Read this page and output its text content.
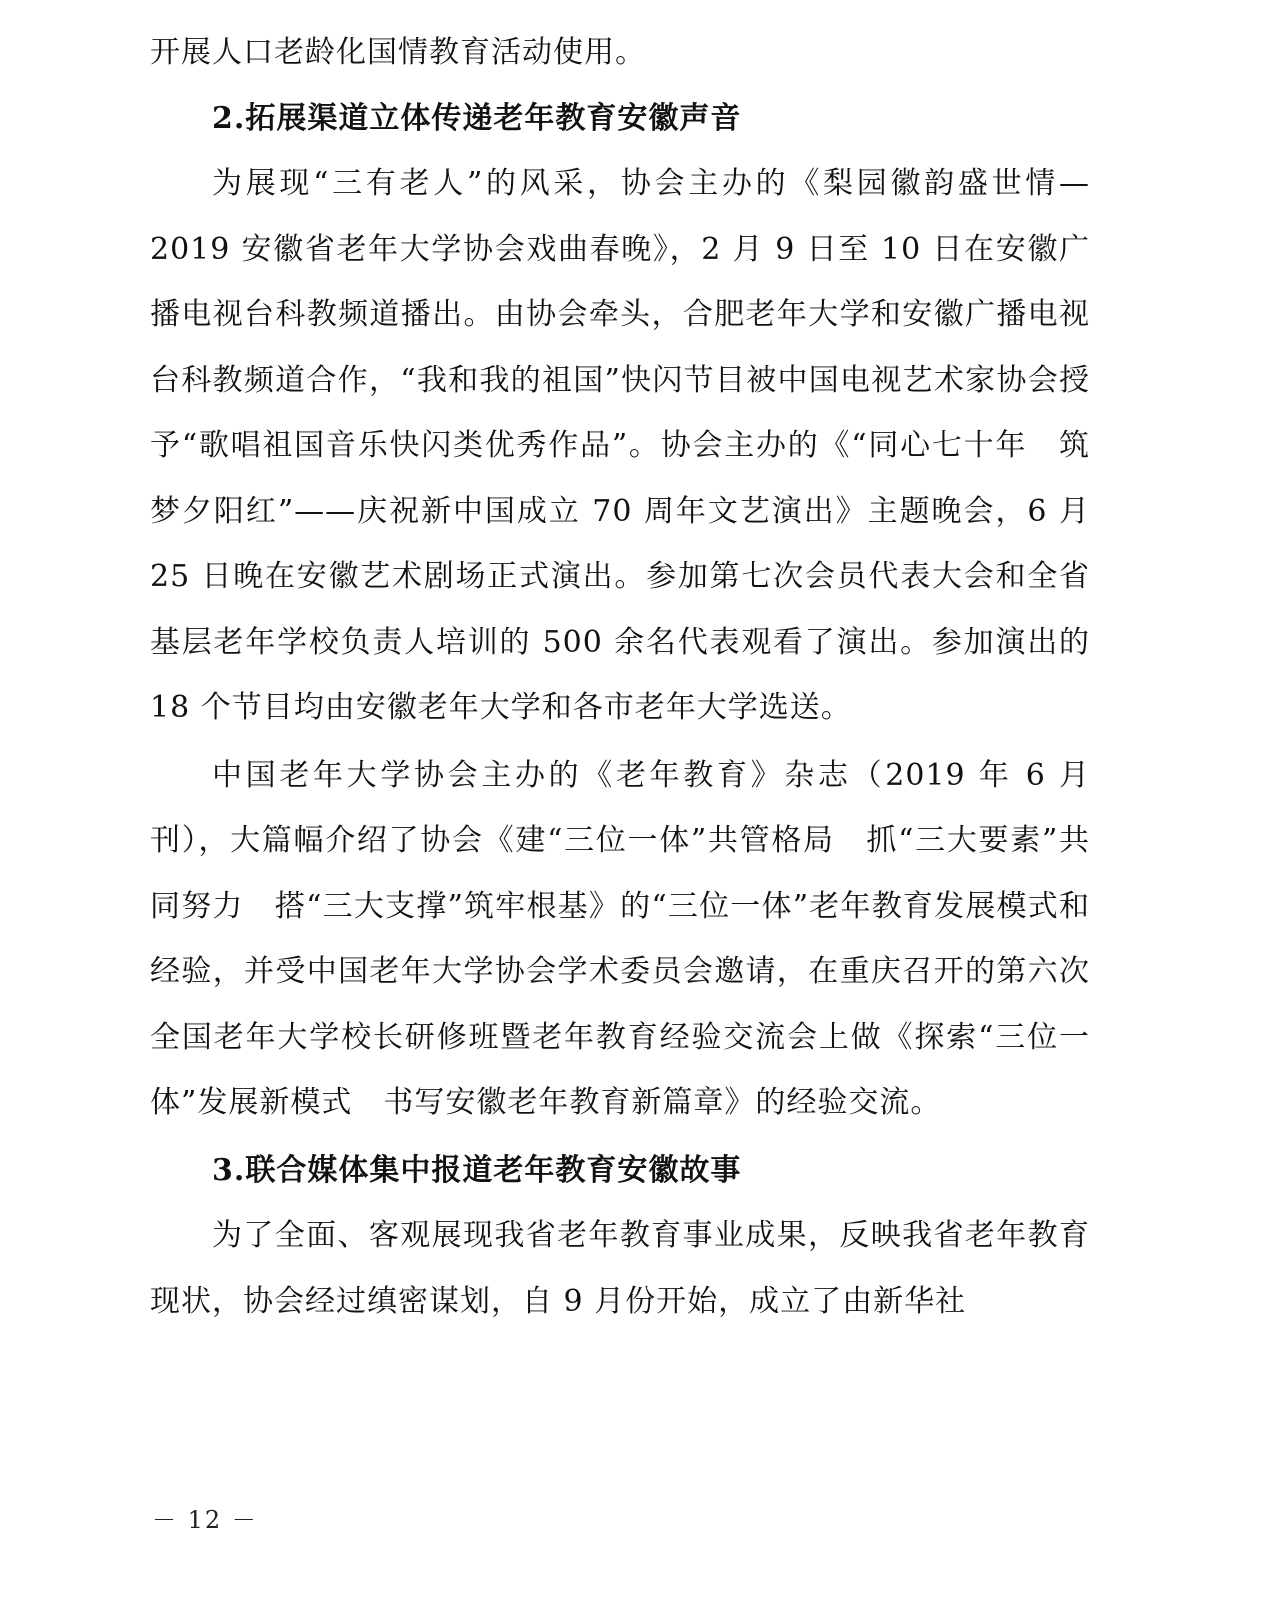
开展人口老龄化国情教育活动使用。

2.拓展渠道立体传递老年教育安徽声音

为展现“三有老人”的风采，协会主办的《梨园徽韵盛世情—2019 安徽省老年大学协会戏曲春晚》，2 月 9 日至 10 日在安徽广播电视台科教频道播出。由协会牵头，合肥老年大学和安徽广播电视台科教频道合作，“我和我的祖国”快闪节目被中国电视艺术家协会授予“歌唱祖国音乐快闪类优秀作品”。协会主办的《“同心七十年　筑梦夕阳红”——庆祝新中国成立 70 周年文艺演出》主题晚会，6 月 25 日晚在安徽艺术剧场正式演出。参加第七次会员代表大会和全省基层老年学校负责人培训的 500 余名代表观看了演出。参加演出的 18 个节目均由安徽老年大学和各市老年大学选送。

中国老年大学协会主办的《老年教育》杂志（2019 年 6 月刊），大篇幅介绍了协会《建“三位一体”共管格局　抓“三大要素”共同努力　搭“三大支撑”筑牢根基》的“三位一体”老年教育发展模式和经验，并受中国老年大学协会学术委员会邀请，在重庆召开的第六次全国老年大学校长研修班暨老年教育经验交流会上做《探索“三位一体”发展新模式　书写安徽老年教育新篇章》的经验交流。

3.联合媒体集中报道老年教育安徽故事

为了全面、客观展现我省老年教育事业成果，反映我省老年教育现状，协会经过缜密谋划，自 9 月份开始，成立了由新华社

－ 12 －
